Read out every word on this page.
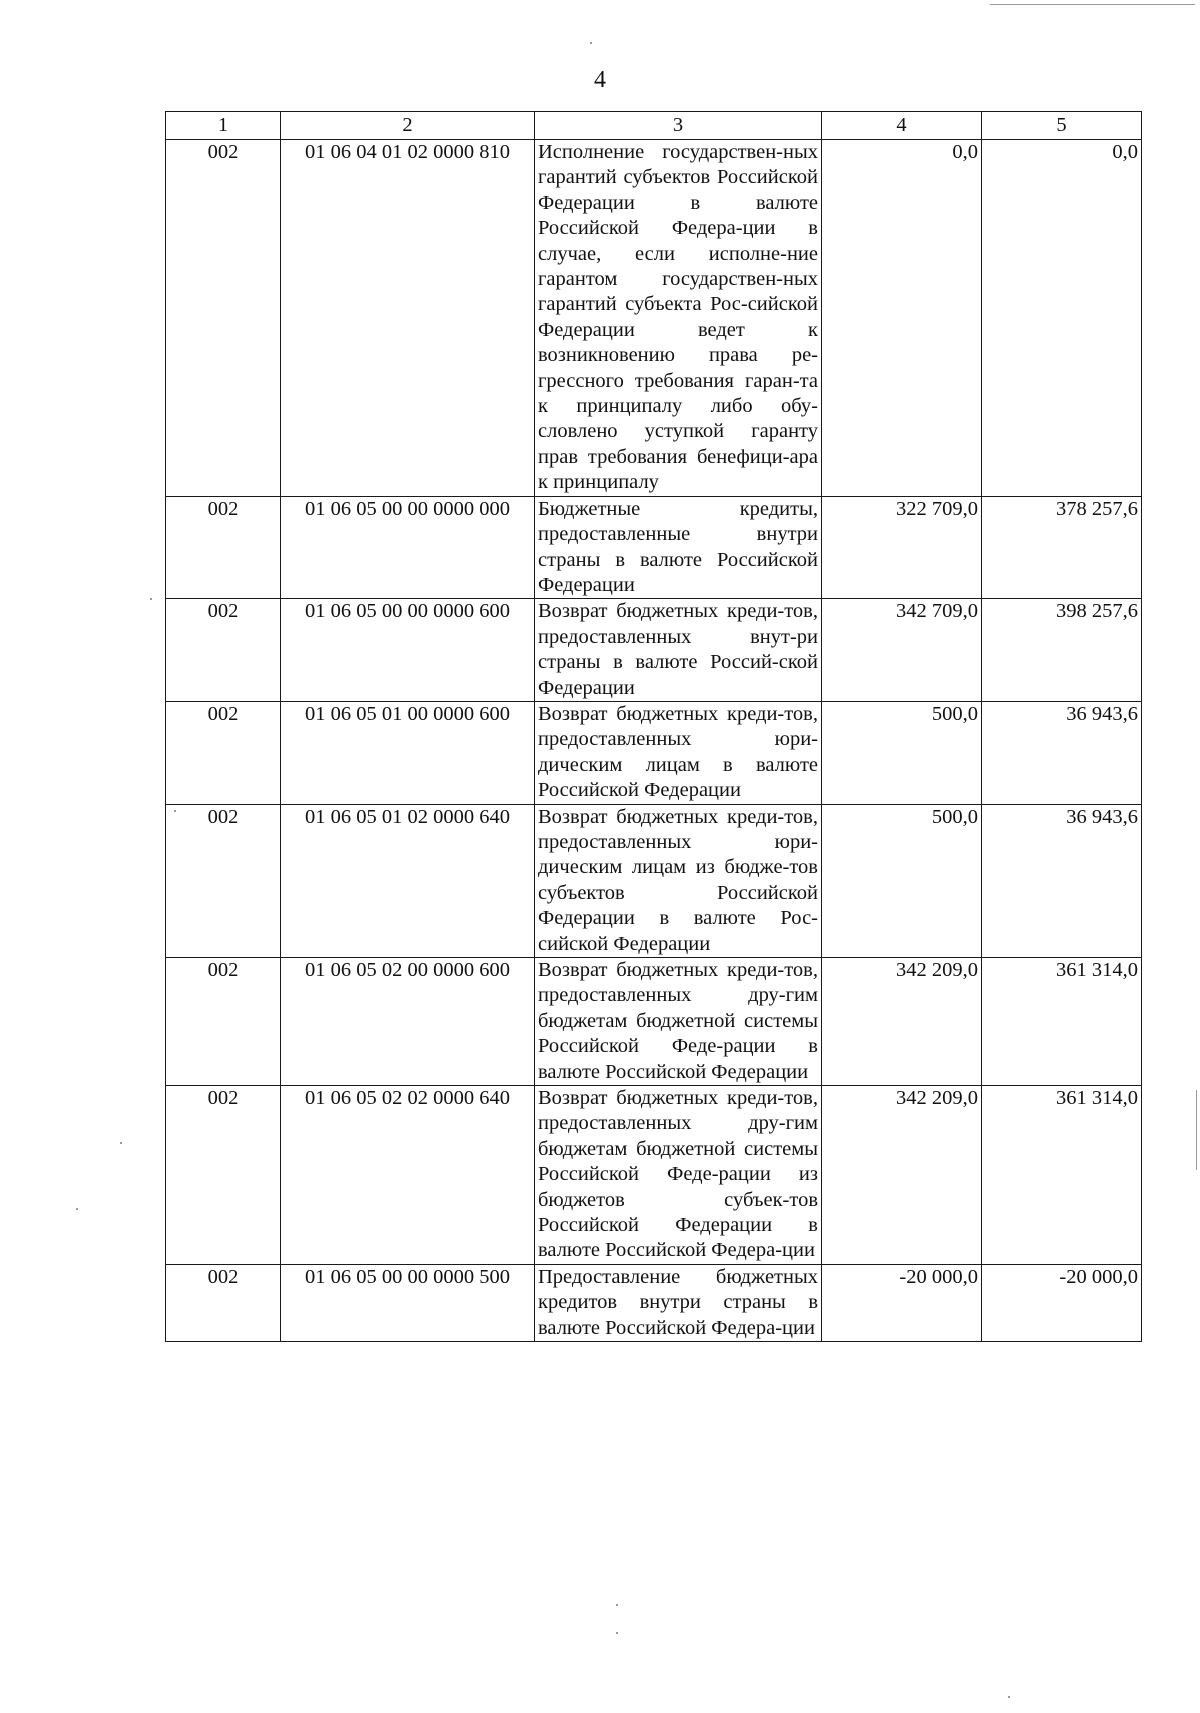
4
1	2	3	4	5
002	01 06 04 01 02 0000 810	Исполнение государствен-ных гарантий субъектов Российской Федерации в валюте Российской Федера-ции в случае, если исполне-ние гарантом государствен-ных гарантий субъекта Рос-сийской Федерации ведет к возникновению права ре-грессного требования гаран-та к принципалу либо обу-словлено уступкой гаранту прав требования бенефици-ара к принципалу	0,0	0,0
002	01 06 05 00 00 0000 000	Бюджетные кредиты, предоставленные внутри страны в валюте Российской Федерации	322 709,0	378 257,6
002	01 06 05 00 00 0000 600	Возврат бюджетных креди-тов, предоставленных внут-ри страны в валюте Россий-ской Федерации	342 709,0	398 257,6
002	01 06 05 01 00 0000 600	Возврат бюджетных креди-тов, предоставленных юри-дическим лицам в валюте Российской Федерации	500,0	36 943,6
002	01 06 05 01 02 0000 640	Возврат бюджетных креди-тов, предоставленных юри-дическим лицам из бюдже-тов субъектов Российской Федерации в валюте Рос-сийской Федерации	500,0	36 943,6
002	01 06 05 02 00 0000 600	Возврат бюджетных креди-тов, предоставленных дру-гим бюджетам бюджетной системы Российской Феде-рации в валюте Российской Федерации	342 209,0	361 314,0
002	01 06 05 02 02 0000 640	Возврат бюджетных креди-тов, предоставленных дру-гим бюджетам бюджетной системы Российской Феде-рации из бюджетов субъек-тов Российской Федерации в валюте Российской Федера-ции	342 209,0	361 314,0
002	01 06 05 00 00 0000 500	Предоставление бюджетных кредитов внутри страны в валюте Российской Федера-ции	-20 000,0	-20 000,0
